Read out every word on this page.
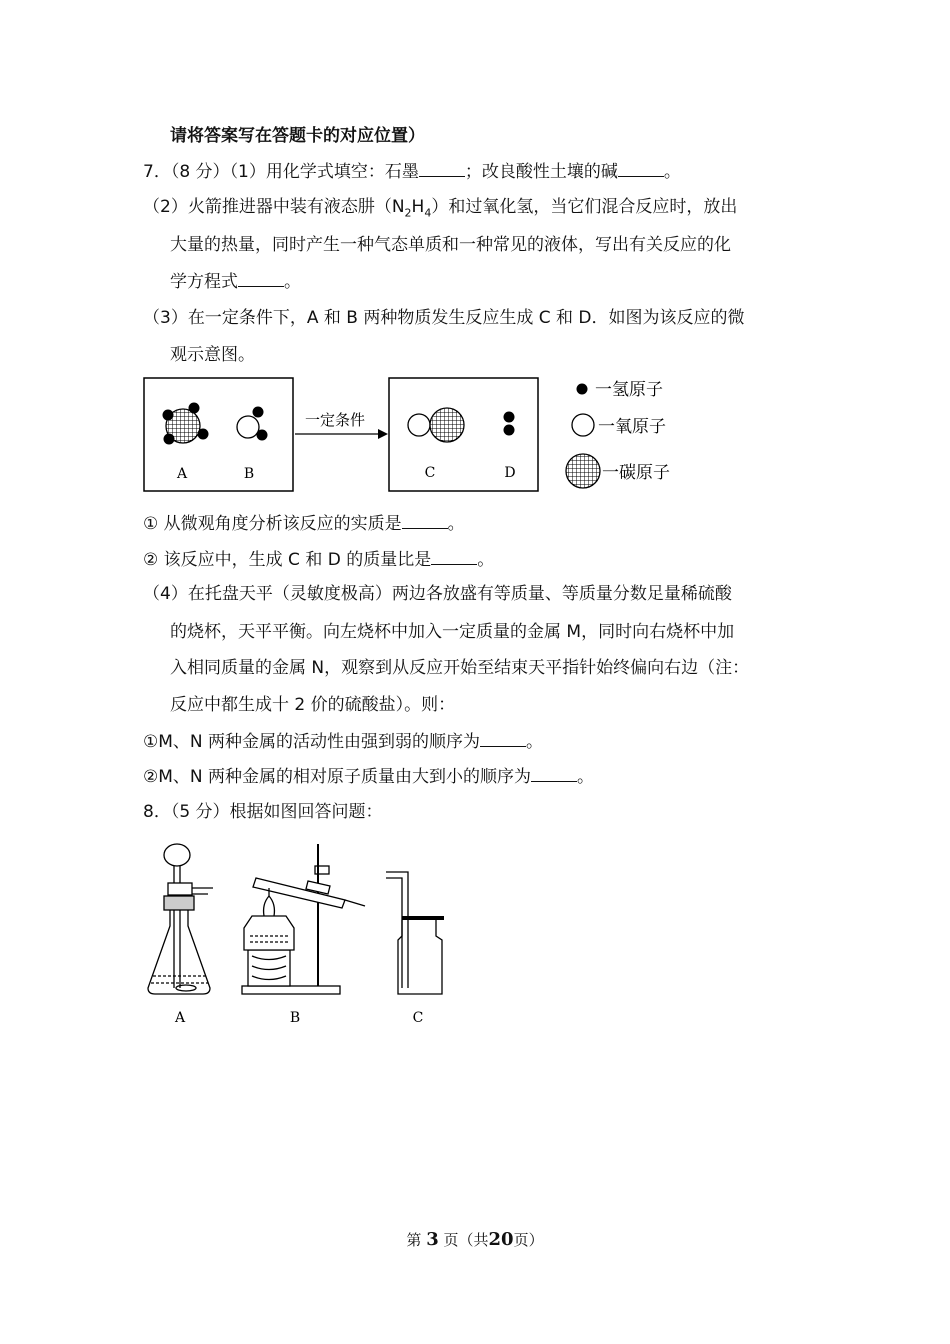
请将答案写在答题卡的对应位置）
7．（8 分）（1）用化学式填空：石墨	；改良酸性土壤的碱	。
（2）火箭推进器中装有液态肼$(N_2H_4)$和过氧化氢，当它们混合反应时，放出
大量的热量，同时产生一种气态单质和一种常见的液体，写出有关反应的化
学方程式	。
（3）在一定条件下，A 和 B 两种物质发生反应生成 C 和 D．如图为该反应的微
观示意图。
A	B
一定条件
C	D
一氢原子
一氧原子
一碳原子
① 从微观角度分析该反应的实质是	。
② 该反应中，生成 C 和 D 的质量比是	。
（4）在托盘天平（灵敏度极高）两边各放盛有等质量、等质量分数足量稀硫酸
的烧杯，天平平衡。向左烧杯中加入一定质量的金属 M，同时向右烧杯中加
入相同质量的金属 N，观察到从反应开始至结束天平指针始终偏向右边（注：
反应中都生成十 2 价的硫酸盐）。则：
①M、N 两种金属的活动性由强到弱的顺序为	。
②M、N 两种金属的相对原子质量由大到小的顺序为	。
8．（5 分）根据如图回答问题：
A	B	C
第 3 页（共20页）
